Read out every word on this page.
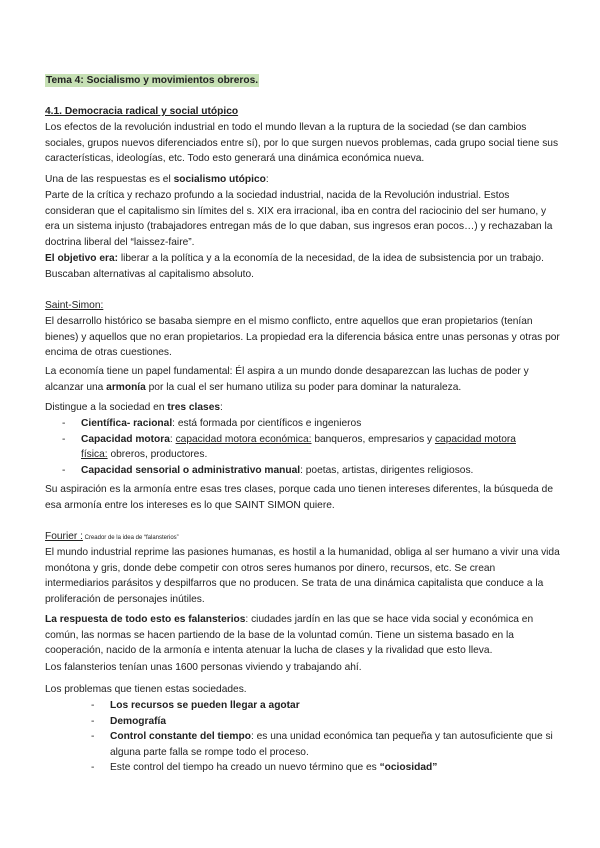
Tema 4: Socialismo y movimientos obreros.
4.1. Democracia radical y social utópico

Los efectos de la revolución industrial en todo el mundo llevan a la ruptura de la sociedad (se dan cambios sociales, grupos nuevos diferenciados entre sí), por lo que surgen nuevos problemas, cada grupo social tiene sus características, ideologías, etc. Todo esto generará una dinámica económica nueva.

Una de las respuestas es el socialismo utópico:

Parte de la crítica y rechazo profundo a la sociedad industrial, nacida de la Revolución industrial. Estos consideran que el capitalismo sin límites del s. XIX era irracional, iba en contra del raciocinio del ser humano, y era un sistema injusto (trabajadores entregan más de lo que daban, sus ingresos eran pocos…) y rechazaban la doctrina liberal del “laissez-faire”.

El objetivo era: liberar a la política y a la economía de la necesidad, de la idea de subsistencia por un trabajo. Buscaban alternativas al capitalismo absoluto.

Saint-Simon:

El desarrollo histórico se basaba siempre en el mismo conflicto, entre aquellos que eran propietarios (tenían bienes) y aquellos que no eran propietarios. La propiedad era la diferencia básica entre unas personas y otras por encima de otras cuestiones.

La economía tiene un papel fundamental: Él aspira a un mundo donde desaparezcan las luchas de poder y alcanzar una armonía por la cual el ser humano utiliza su poder para dominar la naturaleza.

Distingue a la sociedad en tres clases:

- Científica- racional: está formada por científicos e ingenieros
- Capacidad motora: capacidad motora económica: banqueros, empresarios y capacidad motora física: obreros, productores.
- Capacidad sensorial o administrativo manual: poetas, artistas, dirigentes religiosos.

Su aspiración es la armonía entre esas tres clases, porque cada uno tienen intereses diferentes, la búsqueda de esa armonía entre los intereses es lo que SAINT SIMON quiere.

Fourier : Creador de la idea de “falansterios”

El mundo industrial reprime las pasiones humanas, es hostil a la humanidad, obliga al ser humano a vivir una vida monótona y gris, donde debe competir con otros seres humanos por dinero, recursos, etc. Se crean intermediarios parásitos y despilfarros que no producen. Se trata de una dinámica capitalista que conduce a la proliferación de personajes inútiles.

La respuesta de todo esto es falansterios: ciudades jardín en las que se hace vida social y económica en común, las normas se hacen partiendo de la base de la voluntad común. Tiene un sistema basado en la cooperación, nacido de la armonía e intenta atenuar la lucha de clases y la rivalidad que esto lleva.

Los falansterios tenían unas 1600 personas viviendo y trabajando ahí.

Los problemas que tienen estas sociedades.

- Los recursos se pueden llegar a agotar
- Demografía
- Control constante del tiempo: es una unidad económica tan pequeña y tan autosuficiente que si alguna parte falla se rompe todo el proceso.
- Este control del tiempo ha creado un nuevo término que es “ociosidad”
